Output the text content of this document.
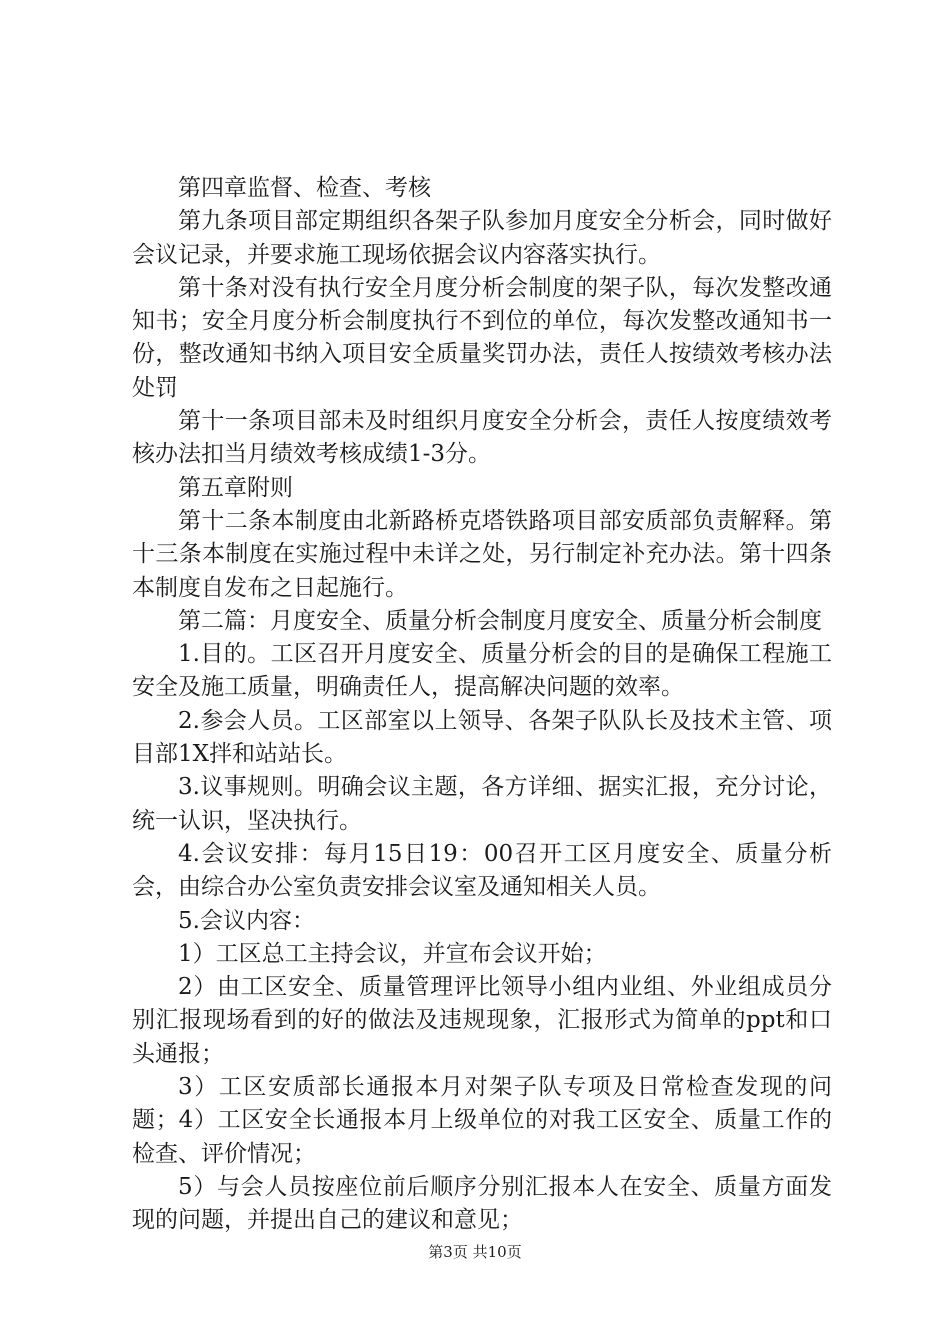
第四章监督、检查、考核

第九条项目部定期组织各架子队参加月度安全分析会，同时做好会议记录，并要求施工现场依据会议内容落实执行。

第十条对没有执行安全月度分析会制度的架子队，每次发整改通知书；安全月度分析会制度执行不到位的单位，每次发整改通知书一份，整改通知书纳入项目安全质量奖罚办法，责任人按绩效考核办法处罚

第十一条项目部未及时组织月度安全分析会，责任人按度绩效考核办法扣当月绩效考核成绩1-3分。

第五章附则

第十二条本制度由北新路桥克塔铁路项目部安质部负责解释。第十三条本制度在实施过程中未详之处，另行制定补充办法。第十四条本制度自发布之日起施行。

第二篇：月度安全、质量分析会制度月度安全、质量分析会制度

1.目的。工区召开月度安全、质量分析会的目的是确保工程施工安全及施工质量，明确责任人，提高解决问题的效率。

2.参会人员。工区部室以上领导、各架子队队长及技术主管、项目部1X拌和站站长。

3.议事规则。明确会议主题，各方详细、据实汇报，充分讨论，统一认识，坚决执行。

4.会议安排：每月15日19：00召开工区月度安全、质量分析会，由综合办公室负责安排会议室及通知相关人员。

5.会议内容：

1）工区总工主持会议，并宣布会议开始；

2）由工区安全、质量管理评比领导小组内业组、外业组成员分别汇报现场看到的好的做法及违规现象，汇报形式为简单的ppt和口头通报；

3）工区安质部长通报本月对架子队专项及日常检查发现的问题；4）工区安全长通报本月上级单位的对我工区安全、质量工作的检查、评价情况；

5）与会人员按座位前后顺序分别汇报本人在安全、质量方面发现的问题，并提出自己的建议和意见；

第3页 共10页
